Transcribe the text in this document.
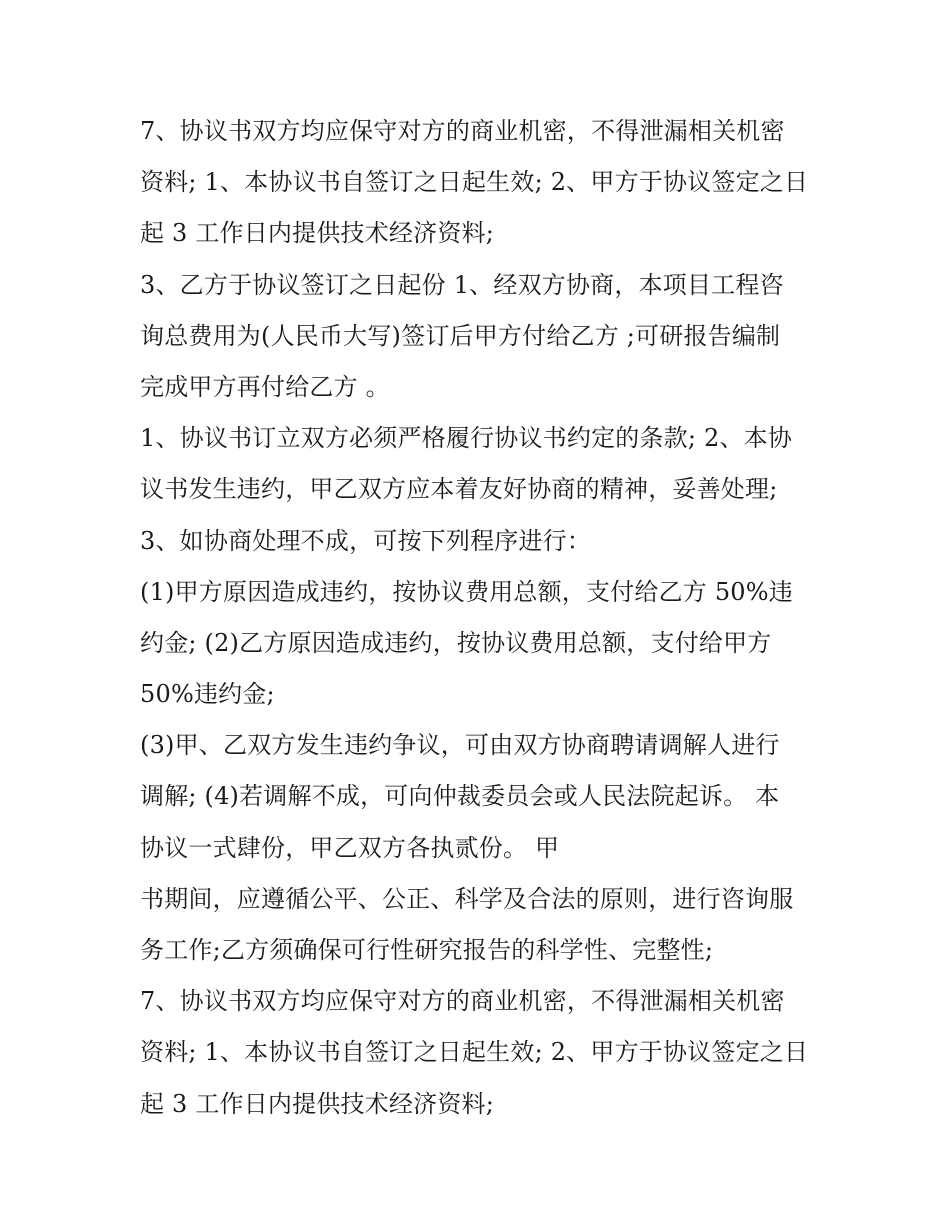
7、协议书双方均应保守对方的商业机密，不得泄漏相关机密
资料; 1、本协议书自签订之日起生效; 2、甲方于协议签定之日
起 3 工作日内提供技术经济资料;
3、乙方于协议签订之日起份 1、经双方协商，本项目工程咨
询总费用为(人民币大写)签订后甲方付给乙方 ;可研报告编制
完成甲方再付给乙方 。
1、协议书订立双方必须严格履行协议书约定的条款; 2、本协
议书发生违约，甲乙双方应本着友好协商的精神，妥善处理;
3、如协商处理不成，可按下列程序进行：
(1)甲方原因造成违约，按协议费用总额，支付给乙方 50%违
约金; (2)乙方原因造成违约，按协议费用总额，支付给甲方
50%违约金;
(3)甲、乙双方发生违约争议，可由双方协商聘请调解人进行
调解; (4)若调解不成，可向仲裁委员会或人民法院起诉。 本
协议一式肆份，甲乙双方各执贰份。 甲
书期间，应遵循公平、公正、科学及合法的原则，进行咨询服
务工作;乙方须确保可行性研究报告的科学性、完整性;
7、协议书双方均应保守对方的商业机密，不得泄漏相关机密
资料; 1、本协议书自签订之日起生效; 2、甲方于协议签定之日
起 3 工作日内提供技术经济资料;
